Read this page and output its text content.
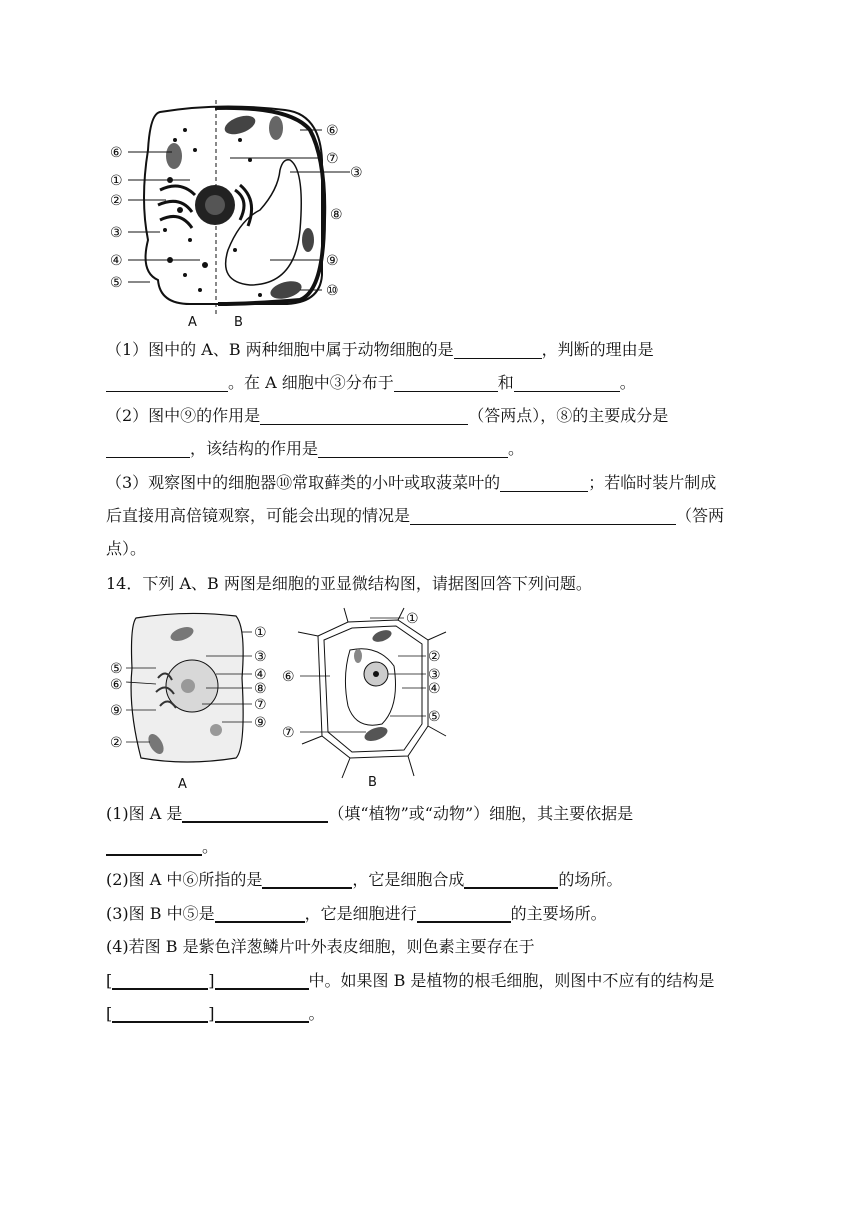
⑥
①
②
③
④
⑤
⑥
⑦
③
⑧
⑨
⑩
A	B
（1）图中的 A、B 两种细胞中属于动物细胞的是	，判断的理由是
。在 A 细胞中③分布于	和	。
（2）图中⑨的作用是	（答两点），⑧的主要成分是
，该结构的作用是	。
（3）观察图中的细胞器⑩常取藓类的小叶或取菠菜叶的	；若临时装片制成
后直接用高倍镜观察，可能会出现的情况是	（答两
点）。
14．下列 A、B 两图是细胞的亚显微结构图，请据图回答下列问题。
①
③
④
⑧
⑦
⑨
⑤
⑥
⑨
②
A
①
②
③
④
⑤
⑥
⑦
B
(1)图 A 是	（填“植物”或“动物”）细胞，其主要依据是
。
(2)图 A 中⑥所指的是	，它是细胞合成	的场所。
(3)图 B 中⑤是	，它是细胞进行	的主要场所。
(4)若图 B 是紫色洋葱鳞片叶外表皮细胞，则色素主要存在于
[	]	中。如果图 B 是植物的根毛细胞，则图中不应有的结构是
[	]	。
